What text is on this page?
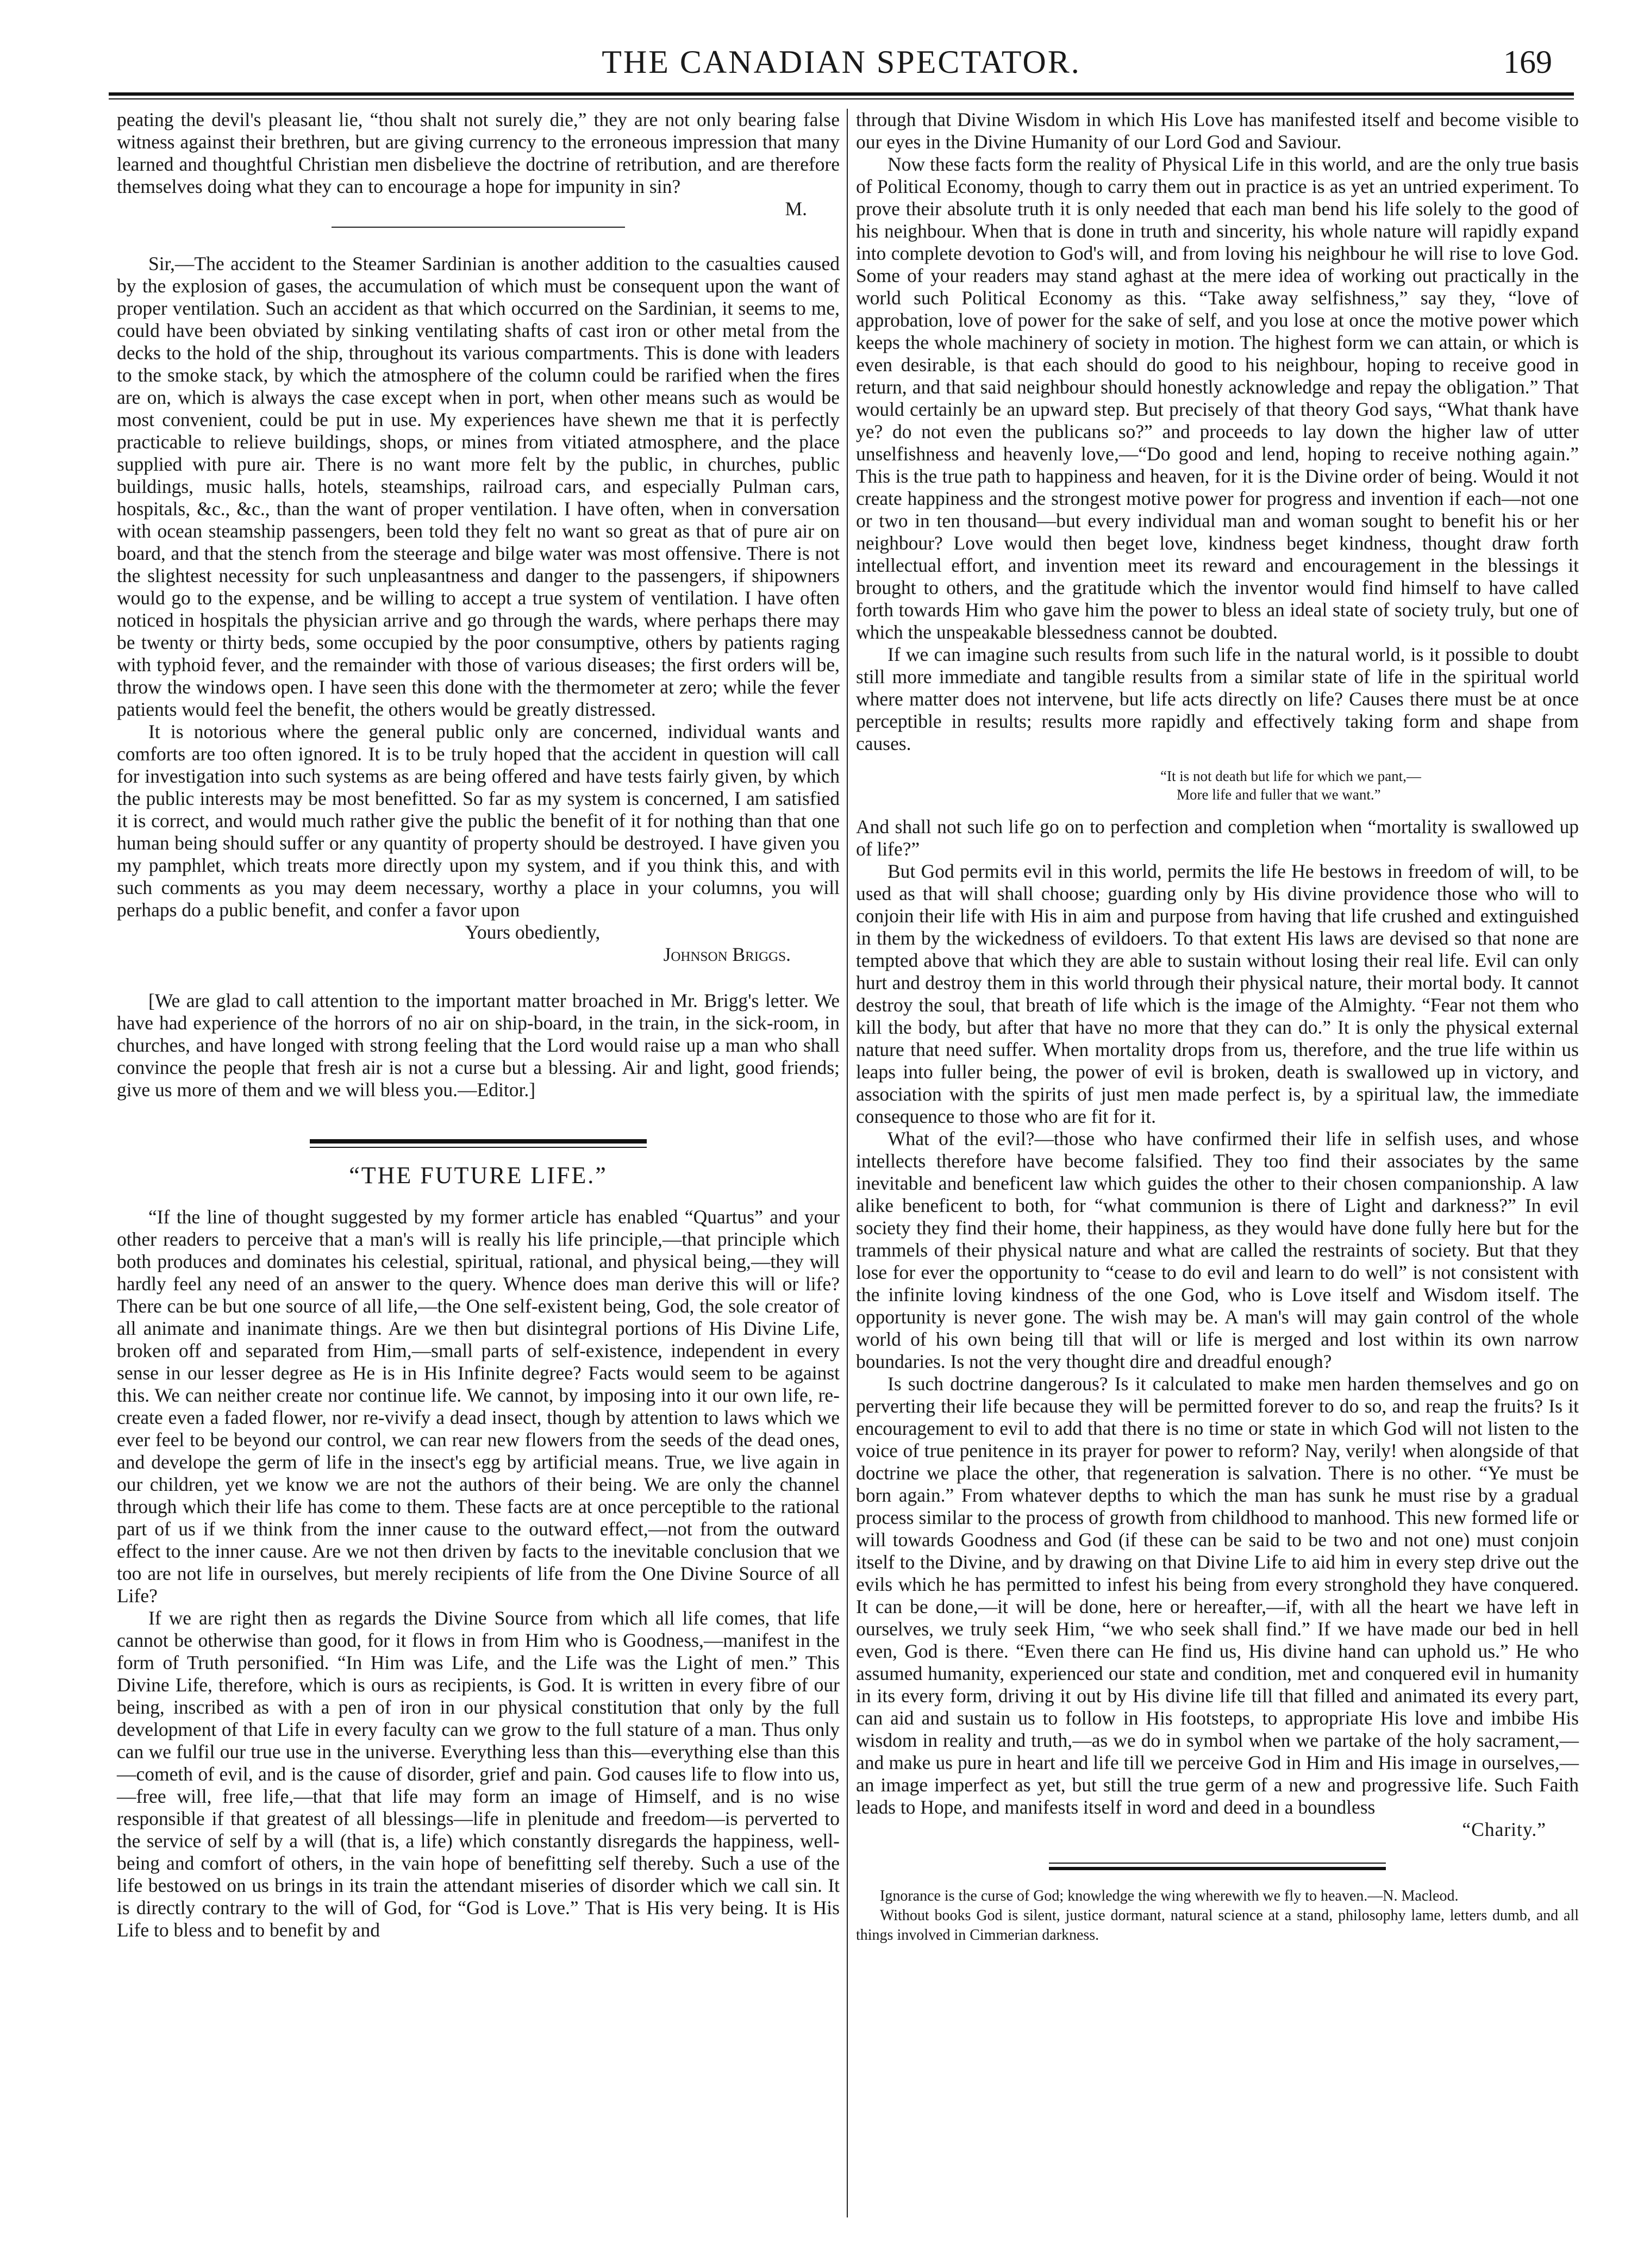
THE CANADIAN SPECTATOR.	169

peating the devil's pleasant lie, “thou shalt not surely die,” they are not only bearing false witness against their brethren, but are giving currency to the erroneous impression that many learned and thoughtful Christian men disbelieve the doctrine of retribution, and are therefore themselves doing what they can to encourage a hope for impunity in sin?

M.

Sir,—The accident to the Steamer Sardinian is another addition to the casualties caused by the explosion of gases, the accumulation of which must be consequent upon the want of proper ventilation. Such an accident as that which occurred on the Sardinian, it seems to me, could have been obviated by sinking ventilating shafts of cast iron or other metal from the decks to the hold of the ship, throughout its various compartments. This is done with leaders to the smoke stack, by which the atmosphere of the column could be rarified when the fires are on, which is always the case except when in port, when other means such as would be most convenient, could be put in use. My experiences have shewn me that it is perfectly practicable to relieve buildings, shops, or mines from vitiated atmosphere, and the place supplied with pure air. There is no want more felt by the public, in churches, public buildings, music halls, hotels, steamships, railroad cars, and especially Pulman cars, hospitals, &c., &c., than the want of proper ventilation. I have often, when in conversation with ocean steamship passengers, been told they felt no want so great as that of pure air on board, and that the stench from the steerage and bilge water was most offensive. There is not the slightest necessity for such unpleasantness and danger to the passengers, if shipowners would go to the expense, and be willing to accept a true system of ventilation. I have often noticed in hospitals the physician arrive and go through the wards, where perhaps there may be twenty or thirty beds, some occupied by the poor consumptive, others by patients raging with typhoid fever, and the remainder with those of various diseases; the first orders will be, throw the windows open. I have seen this done with the thermometer at zero; while the fever patients would feel the benefit, the others would be greatly distressed.

It is notorious where the general public only are concerned, individual wants and comforts are too often ignored. It is to be truly hoped that the accident in question will call for investigation into such systems as are being offered and have tests fairly given, by which the public interests may be most benefitted. So far as my system is concerned, I am satisfied it is correct, and would much rather give the public the benefit of it for nothing than that one human being should suffer or any quantity of property should be destroyed. I have given you my pamphlet, which treats more directly upon my system, and if you think this, and with such comments as you may deem necessary, worthy a place in your columns, you will perhaps do a public benefit, and confer a favor upon

Yours obediently,

Johnson Briggs.

[We are glad to call attention to the important matter broached in Mr. Brigg's letter. We have had experience of the horrors of no air on ship-board, in the train, in the sick-room, in churches, and have longed with strong feeling that the Lord would raise up a man who shall convince the people that fresh air is not a curse but a blessing. Air and light, good friends; give us more of them and we will bless you.—Editor.]

“THE FUTURE LIFE.”

“If the line of thought suggested by my former article has enabled “Quartus” and your other readers to perceive that a man's will is really his life principle,—that principle which both produces and dominates his celestial, spiritual, rational, and physical being,—they will hardly feel any need of an answer to the query. Whence does man derive this will or life? There can be but one source of all life,—the One self-existent being, God, the sole creator of all animate and inanimate things. Are we then but disintegral portions of His Divine Life, broken off and separated from Him,—small parts of self-existence, independent in every sense in our lesser degree as He is in His Infinite degree? Facts would seem to be against this. We can neither create nor continue life. We cannot, by imposing into it our own life, re-create even a faded flower, nor re-vivify a dead insect, though by attention to laws which we ever feel to be beyond our control, we can rear new flowers from the seeds of the dead ones, and develope the germ of life in the insect's egg by artificial means. True, we live again in our children, yet we know we are not the authors of their being. We are only the channel through which their life has come to them. These facts are at once perceptible to the rational part of us if we think from the inner cause to the outward effect,—not from the outward effect to the inner cause. Are we not then driven by facts to the inevitable conclusion that we too are not life in ourselves, but merely recipients of life from the One Divine Source of all Life?

If we are right then as regards the Divine Source from which all life comes, that life cannot be otherwise than good, for it flows in from Him who is Goodness,—manifest in the form of Truth personified. “In Him was Life, and the Life was the Light of men.” This Divine Life, therefore, which is ours as recipients, is God. It is written in every fibre of our being, inscribed as with a pen of iron in our physical constitution that only by the full development of that Life in every faculty can we grow to the full stature of a man. Thus only can we fulfil our true use in the universe. Everything less than this—everything else than this—cometh of evil, and is the cause of disorder, grief and pain. God causes life to flow into us,—free will, free life,—that that life may form an image of Himself, and is no wise responsible if that greatest of all blessings—life in plenitude and freedom—is perverted to the service of self by a will (that is, a life) which constantly disregards the happiness, well-being and comfort of others, in the vain hope of benefitting self thereby. Such a use of the life bestowed on us brings in its train the attendant miseries of disorder which we call sin. It is directly contrary to the will of God, for “God is Love.” That is His very being. It is His Life to bless and to benefit by and

through that Divine Wisdom in which His Love has manifested itself and become visible to our eyes in the Divine Humanity of our Lord God and Saviour.

Now these facts form the reality of Physical Life in this world, and are the only true basis of Political Economy, though to carry them out in practice is as yet an untried experiment. To prove their absolute truth it is only needed that each man bend his life solely to the good of his neighbour. When that is done in truth and sincerity, his whole nature will rapidly expand into complete devotion to God's will, and from loving his neighbour he will rise to love God. Some of your readers may stand aghast at the mere idea of working out practically in the world such Political Economy as this. “Take away selfishness,” say they, “love of approbation, love of power for the sake of self, and you lose at once the motive power which keeps the whole machinery of society in motion. The highest form we can attain, or which is even desirable, is that each should do good to his neighbour, hoping to receive good in return, and that said neighbour should honestly acknowledge and repay the obligation.” That would certainly be an upward step. But precisely of that theory God says, “What thank have ye? do not even the publicans so?” and proceeds to lay down the higher law of utter unselfishness and heavenly love,—“Do good and lend, hoping to receive nothing again.” This is the true path to happiness and heaven, for it is the Divine order of being. Would it not create happiness and the strongest motive power for progress and invention if each—not one or two in ten thousand—but every individual man and woman sought to benefit his or her neighbour? Love would then beget love, kindness beget kindness, thought draw forth intellectual effort, and invention meet its reward and encouragement in the blessings it brought to others, and the gratitude which the inventor would find himself to have called forth towards Him who gave him the power to bless an ideal state of society truly, but one of which the unspeakable blessedness cannot be doubted.

If we can imagine such results from such life in the natural world, is it possible to doubt still more immediate and tangible results from a similar state of life in the spiritual world where matter does not intervene, but life acts directly on life? Causes there must be at once perceptible in results; results more rapidly and effectively taking form and shape from causes.

“It is not death but life for which we pant,—
More life and fuller that we want.”

And shall not such life go on to perfection and completion when “mortality is swallowed up of life?”

But God permits evil in this world, permits the life He bestows in freedom of will, to be used as that will shall choose; guarding only by His divine providence those who will to conjoin their life with His in aim and purpose from having that life crushed and extinguished in them by the wickedness of evildoers. To that extent His laws are devised so that none are tempted above that which they are able to sustain without losing their real life. Evil can only hurt and destroy them in this world through their physical nature, their mortal body. It cannot destroy the soul, that breath of life which is the image of the Almighty. “Fear not them who kill the body, but after that have no more that they can do.” It is only the physical external nature that need suffer. When mortality drops from us, therefore, and the true life within us leaps into fuller being, the power of evil is broken, death is swallowed up in victory, and association with the spirits of just men made perfect is, by a spiritual law, the immediate consequence to those who are fit for it.

What of the evil?—those who have confirmed their life in selfish uses, and whose intellects therefore have become falsified. They too find their associates by the same inevitable and beneficent law which guides the other to their chosen companionship. A law alike beneficent to both, for “what communion is there of Light and darkness?” In evil society they find their home, their happiness, as they would have done fully here but for the trammels of their physical nature and what are called the restraints of society. But that they lose for ever the opportunity to “cease to do evil and learn to do well” is not consistent with the infinite loving kindness of the one God, who is Love itself and Wisdom itself. The opportunity is never gone. The wish may be. A man's will may gain control of the whole world of his own being till that will or life is merged and lost within its own narrow boundaries. Is not the very thought dire and dreadful enough?

Is such doctrine dangerous? Is it calculated to make men harden themselves and go on perverting their life because they will be permitted forever to do so, and reap the fruits? Is it encouragement to evil to add that there is no time or state in which God will not listen to the voice of true penitence in its prayer for power to reform? Nay, verily! when alongside of that doctrine we place the other, that regeneration is salvation. There is no other. “Ye must be born again.” From whatever depths to which the man has sunk he must rise by a gradual process similar to the process of growth from childhood to manhood. This new formed life or will towards Goodness and God (if these can be said to be two and not one) must conjoin itself to the Divine, and by drawing on that Divine Life to aid him in every step drive out the evils which he has permitted to infest his being from every stronghold they have conquered. It can be done,—it will be done, here or hereafter,—if, with all the heart we have left in ourselves, we truly seek Him, “we who seek shall find.” If we have made our bed in hell even, God is there. “Even there can He find us, His divine hand can uphold us.” He who assumed humanity, experienced our state and condition, met and conquered evil in humanity in its every form, driving it out by His divine life till that filled and animated its every part, can aid and sustain us to follow in His footsteps, to appropriate His love and imbibe His wisdom in reality and truth,—as we do in symbol when we partake of the holy sacrament,—and make us pure in heart and life till we perceive God in Him and His image in ourselves,—an image imperfect as yet, but still the true germ of a new and progressive life. Such Faith leads to Hope, and manifests itself in word and deed in a boundless

“Charity.”

Ignorance is the curse of God; knowledge the wing wherewith we fly to heaven.—N. Macleod.

Without books God is silent, justice dormant, natural science at a stand, philosophy lame, letters dumb, and all things involved in Cimmerian darkness.
